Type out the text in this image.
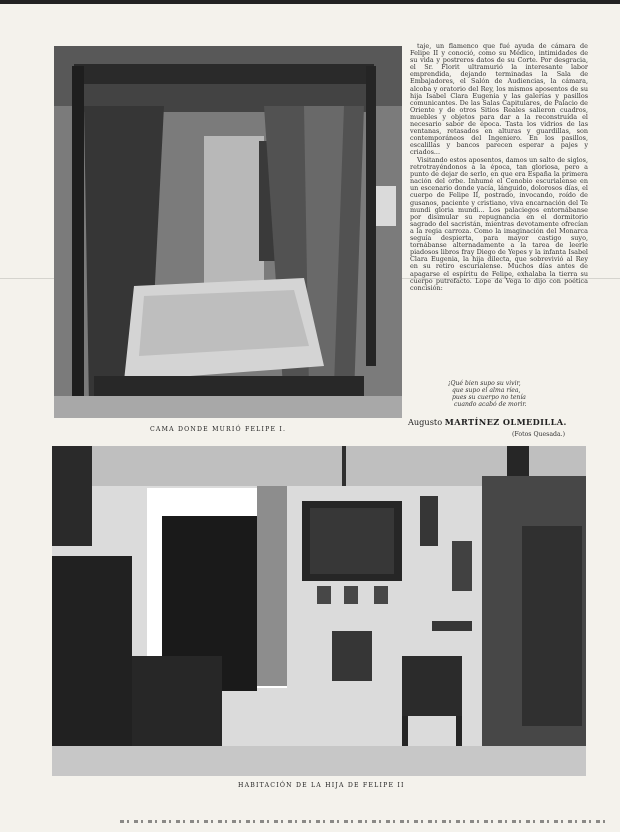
CAMA DONDE MURIÓ FELIPE I.

taje, un flamenco que fué ayuda de cámara de Felipe II y conoció, como su Médico, intimidades de su vida y postreros datos de su Corte. Por desgracia, el Sr. Florit ultramurió la interesante labor emprendida, dejando terminadas la Sala de Embajadores, el Salón de Audiencias, la cámara, alcoba y oratorio del Rey, los mismos aposentos de su hija Isabel Clara Eugenia y las galerías y pasillos comunicantes. De las Salas Capitulares, de Palacio de Oriente y de otros Sitios Reales salieron cuadros, muebles y objetos para dar a la reconstruída el necesario sabor de época. Tasta los vidrios de las ventanas, retasados en alturas y guardillas, son contemporáneos del Ingeniero. En los pasillos, escalillas y bancos parecen esperar a pajes y criados...

Visitando estos aposentos, damos un salto de siglos, retrotrayéndonos a la época, tan gloriosa, pero a punto de dejar de serlo, en que era España la primera nación del orbe. Inhumé el Cenobio escurialense en un escenario donde yacía, lánguido, dolorosos días, el cuerpo de Felipe II, postrado, invocando, roído de gusanos, paciente y cristiano, viva encarnación del Te mundi gloria mundi... Los palaciegos entornábanse por disimular su repugnancia en el dormitorio sagrado del sacristán, mientras devotamente ofrecían a la regia carroza. Como la imaginación del Monarca seguía despierta, para mayor castigo suyo, tornábanse alternadamente a la tarea de leerle piadosos libros fray Diego de Yepes y la infanta Isabel Clara Eugenia, la hija dilecta, que sobrevivió al Rey en su retiro escurialense. Muchos días antes de apagarse el espíritu de Felipe, exhalaba la tierra su cuerpo putrefacto. Lope de Vega lo dijo con poética concisión:

¡Qué bien supo su vivir,
que supo el alma ríea,
pues su cuerpo no tenía
cuando acabó de morir.
Augusto MARTÍNEZ OLMEDILLA.
(Fotos Quesada.)
HABITACIÓN DE LA HIJA DE FELIPE II
